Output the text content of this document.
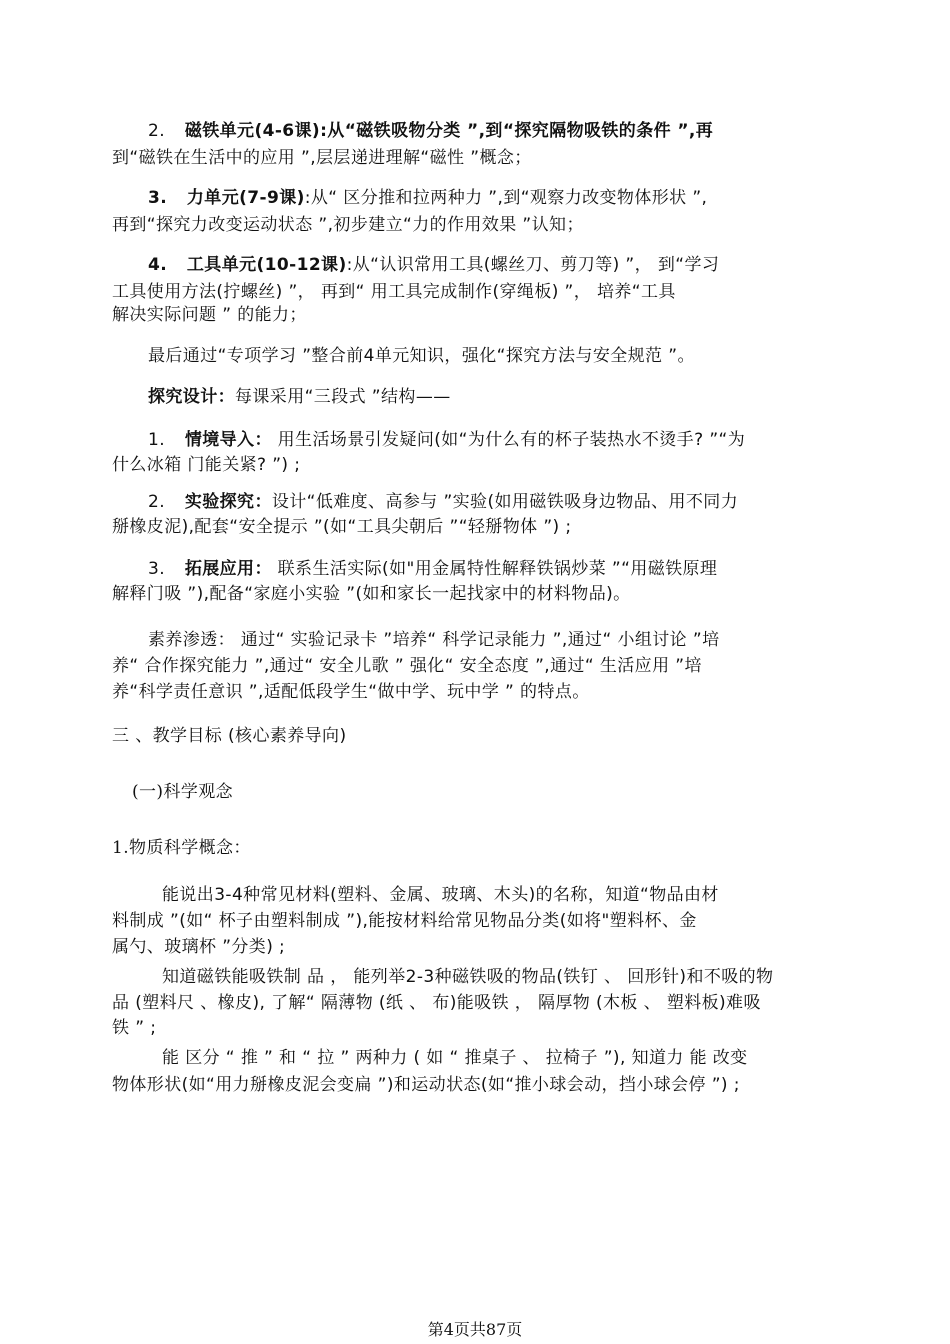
2. 磁铁单元(4-6课):从“磁铁吸物分类 ”,到“探究隔物吸铁的条件 ”,再

到“磁铁在生活中的应用 ”,层层递进理解“磁性 ”概念；

3. 力单元(7-9课):从“ 区分推和拉两种力 ”,到“观察力改变物体形状 ”,

再到“探究力改变运动状态 ”,初步建立“力的作用效果 ”认知；

4. 工具单元(10-12课):从“认识常用工具(螺丝刀、剪刀等) ”， 到“学习

工具使用方法(拧螺丝) ”， 再到“ 用工具完成制作(穿绳板) ”， 培养“工具

解决实际问题 ” 的能力；

最后通过“专项学习 ”整合前4单元知识，强化“探究方法与安全规范 ”。

探究设计：每课采用“三段式 ”结构——

1. 情境导入： 用生活场景引发疑问(如“为什么有的杯子装热水不烫手? ”“为

什么冰箱 门能关紧? ”) ;

2. 实验探究：设计“低难度、高参与 ”实验(如用磁铁吸身边物品、用不同力

掰橡皮泥),配套“安全提示 ”(如“工具尖朝后 ”“轻掰物体 ”) ;

3. 拓展应用： 联系生活实际(如"用金属特性解释铁锅炒菜 ”“用磁铁原理

解释门吸 ”),配备“家庭小实验 ”(如和家长一起找家中的材料物品)。

素养渗透： 通过“ 实验记录卡 ”培养“ 科学记录能力 ”,通过“ 小组讨论 ”培

养“ 合作探究能力 ”,通过“ 安全儿歌 ” 强化“ 安全态度 ”,通过“ 生活应用 ”培

养“科学责任意识 ”,适配低段学生“做中学、玩中学 ” 的特点。

三 、教学目标 (核心素养导向)

(一)科学观念

1.物质科学概念：

能说出3-4种常见材料(塑料、金属、玻璃、木头)的名称，知道“物品由材

料制成 ”(如“ 杯子由塑料制成 ”),能按材料给常见物品分类(如将"塑料杯、金

属勺、玻璃杯 ”分类) ;

知道磁铁能吸铁制 品 ， 能列举2-3种磁铁吸的物品(铁钉 、 回形针)和不吸的物

品 (塑料尺 、橡皮), 了解“ 隔薄物 (纸 、 布)能吸铁 ， 隔厚物 (木板 、 塑料板)难吸

铁 ” ;

能 区分 “ 推 ” 和 “ 拉 ” 两种力 ( 如 “ 推桌子 、 拉椅子 ”), 知道力 能 改变

物体形状(如“用力掰橡皮泥会变扁 ”)和运动状态(如“推小球会动，挡小球会停 ”) ;

第4页共87页
